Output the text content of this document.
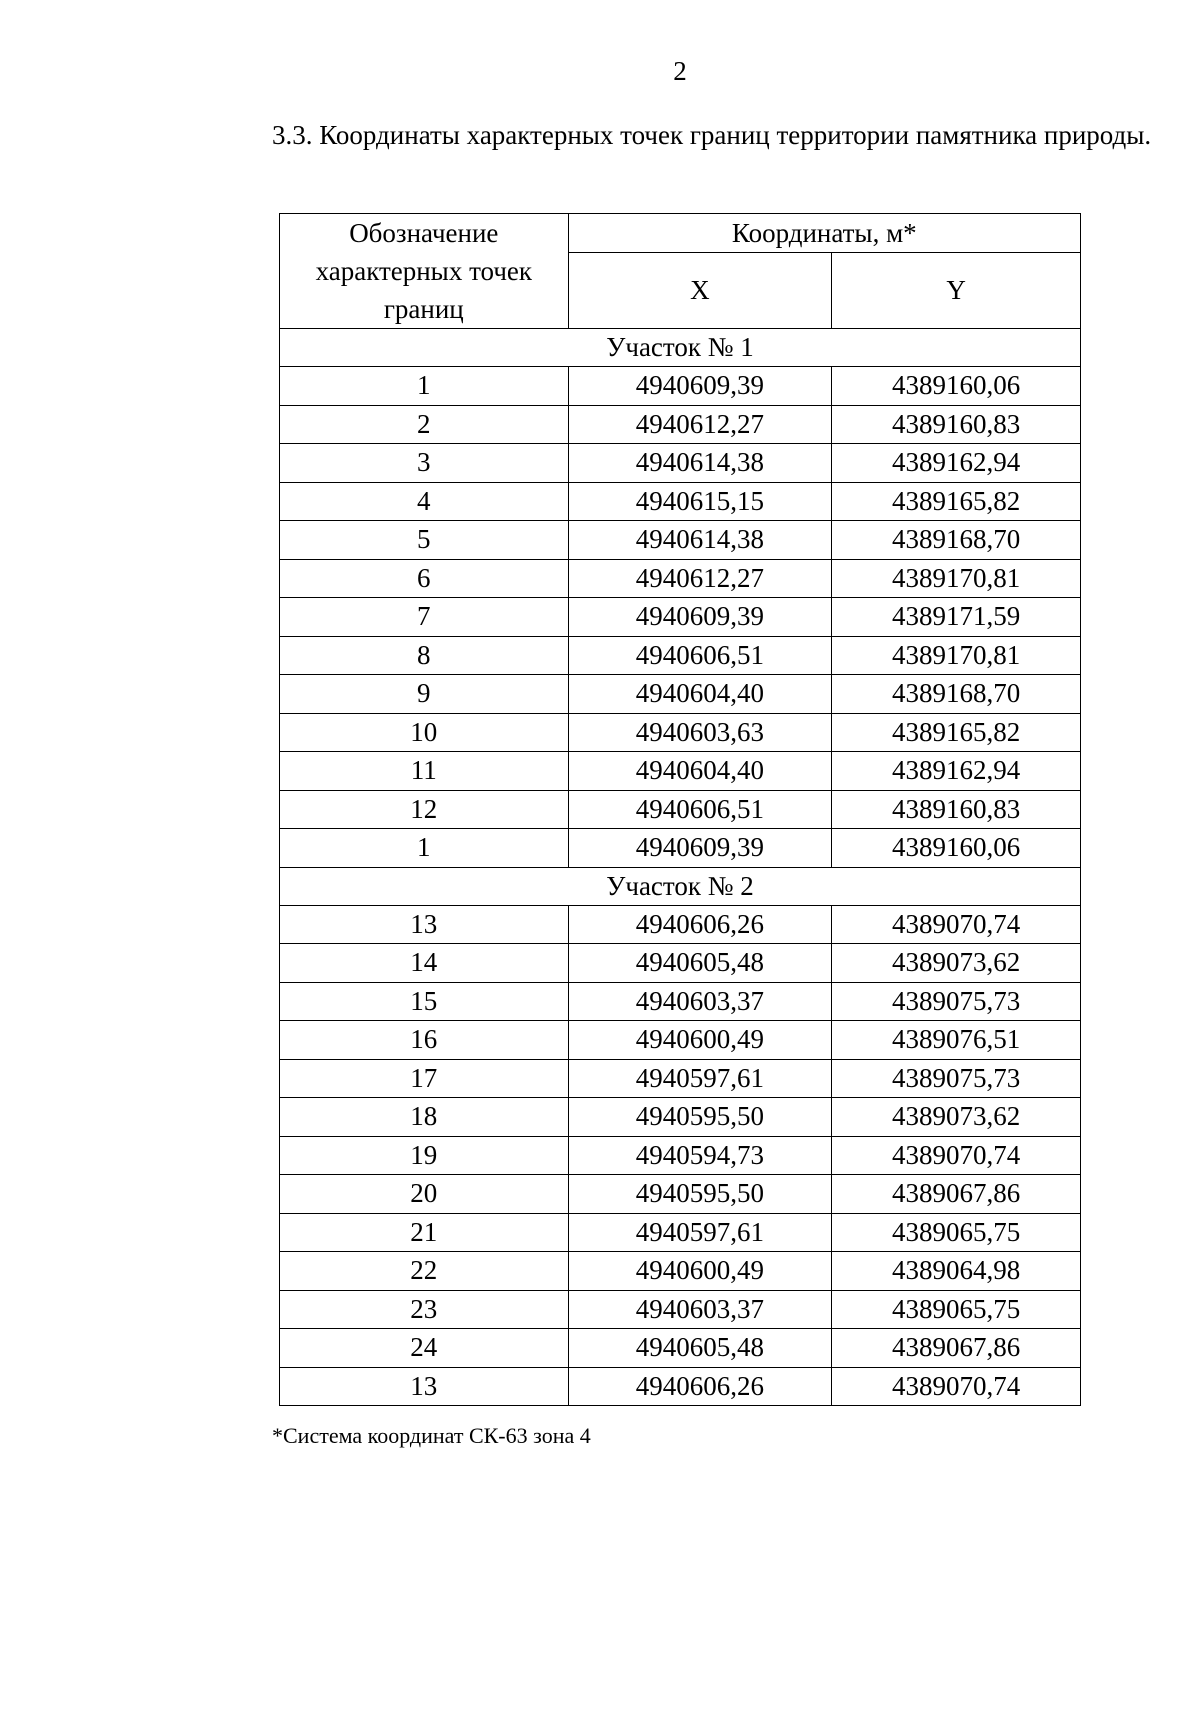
2
3.3. Координаты характерных точек границ территории памятника природы.
Обозначение характерных точек границ	Координаты, м*	
	X	Y
Участок № 1		
1	4940609,39	4389160,06
2	4940612,27	4389160,83
3	4940614,38	4389162,94
4	4940615,15	4389165,82
5	4940614,38	4389168,70
6	4940612,27	4389170,81
7	4940609,39	4389171,59
8	4940606,51	4389170,81
9	4940604,40	4389168,70
10	4940603,63	4389165,82
11	4940604,40	4389162,94
12	4940606,51	4389160,83
1	4940609,39	4389160,06
Участок № 2		
13	4940606,26	4389070,74
14	4940605,48	4389073,62
15	4940603,37	4389075,73
16	4940600,49	4389076,51
17	4940597,61	4389075,73
18	4940595,50	4389073,62
19	4940594,73	4389070,74
20	4940595,50	4389067,86
21	4940597,61	4389065,75
22	4940600,49	4389064,98
23	4940603,37	4389065,75
24	4940605,48	4389067,86
13	4940606,26	4389070,74
*Система координат СК-63 зона 4
